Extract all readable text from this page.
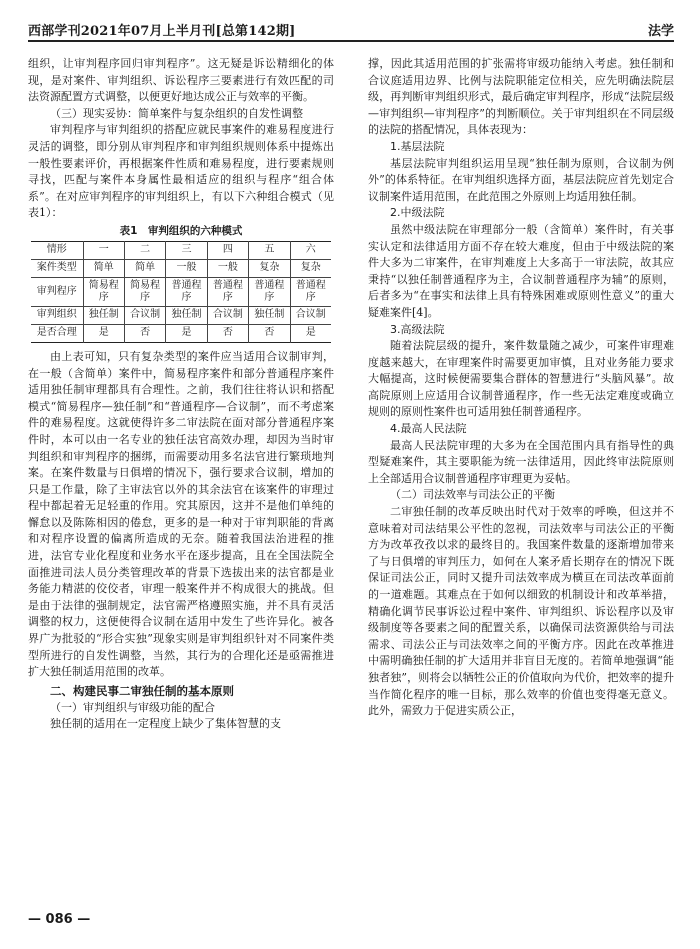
西部学刊2021年07月上半月刊[总第142期]	法学

组织，让审判程序回归审判程序”。这无疑是诉讼精细化的体现，是对案件、审判组织、诉讼程序三要素进行有效匹配的司法资源配置方式调整，以便更好地达成公正与效率的平衡。

（三）现实妥协：简单案件与复杂组织的自发性调整

审判程序与审判组织的搭配应就民事案件的难易程度进行灵活的调整，即分别从审判程序和审判组织规则体系中提炼出一般性要素评价，再根据案件性质和难易程度，进行要素规则寻找，匹配与案件本身属性最相适应的组织与程序“组合体系”。在对应审判程序的审判组织上，有以下六种组合模式（见表1）：

表1　审判组织的六种模式
情形	一	二	三	四	五	六
案件类型	简单	简单	一般	一般	复杂	复杂
审判程序	简易程序	简易程序	普通程序	普通程序	普通程序	普通程序
审判组织	独任制	合议制	独任制	合议制	独任制	合议制
是否合理	是	否	是	否	否	是

由上表可知，只有复杂类型的案件应当适用合议制审判，在一般（含简单）案件中，简易程序案件和部分普通程序案件适用独任制审理都具有合理性。之前，我们往往将认识和搭配模式“简易程序—独任制”和“普通程序—合议制”，而不考虑案件的难易程度。这就使得许多二审法院在面对部分普通程序案件时，本可以由一名专业的独任法官高效办理，却因为当时审判组织和审判程序的捆绑，而需要动用多名法官进行繁琐地判案。在案件数量与日俱增的情况下，强行要求合议制，增加的只是工作量，除了主审法官以外的其余法官在该案件的审理过程中都起着无足轻重的作用。究其原因，这并不是他们单纯的懈怠以及陈陈相因的倦怠，更多的是一种对于审判职能的背离和对程序设置的偏离所造成的无奈。随着我国法治进程的推进，法官专业化程度和业务水平在逐步提高，且在全国法院全面推进司法人员分类管理改革的背景下选拔出来的法官都是业务能力精湛的佼佼者，审理一般案件并不构成很大的挑战。但是由于法律的强制规定，法官需严格遵照实施，并不具有灵活调整的权力，这便使得合议制在适用中发生了些许异化。被各界广为批驳的“形合实独”现象实则是审判组织针对不同案件类型所进行的自发性调整，当然，其行为的合理化还是亟需推进扩大独任制适用范围的改革。

二、构建民事二审独任制的基本原则
（一）审判组织与审级功能的配合

独任制的适用在一定程度上缺少了集体智慧的支

撑，因此其适用范围的扩张需将审级功能纳入考虑。独任制和合议庭适用边界、比例与法院职能定位相关，应先明确法院层级，再判断审判组织形式，最后确定审判程序，形成“法院层级—审判组织—审判程序”的判断顺位。关于审判组织在不同层级的法院的搭配情况，具体表现为：

1.基层法院

基层法院审判组织运用呈现“独任制为原则，合议制为例外”的体系特征。在审判组织选择方面，基层法院应首先划定合议制案件适用范围，在此范围之外原则上均适用独任制。

2.中级法院

虽然中级法院在审理部分一般（含简单）案件时，有关事实认定和法律适用方面不存在较大难度，但由于中级法院的案件大多为二审案件，在审判难度上大多高于一审法院，故其应秉持“以独任制普通程序为主，合议制普通程序为辅”的原则，后者多为“在事实和法律上具有特殊困难或原则性意义”的重大疑难案件[4]。

3.高级法院

随着法院层级的提升，案件数量随之减少，可案件审理难度越来越大，在审理案件时需要更加审慎，且对业务能力要求大幅提高，这时候便需要集合群体的智慧进行“头脑风暴”。故高院原则上应适用合议制普通程序，作一些无法定难度或确立规则的原则性案件也可适用独任制普通程序。

4.最高人民法院

最高人民法院审理的大多为在全国范围内具有指导性的典型疑难案件，其主要职能为统一法律适用，因此终审法院原则上全部适用合议制普通程序审理更为妥帖。

（二）司法效率与司法公正的平衡

二审独任制的改革反映出时代对于效率的呼唤，但这并不意味着对司法结果公平性的忽视，司法效率与司法公正的平衡方为改革孜孜以求的最终目的。我国案件数量的逐渐增加带来了与日俱增的审判压力，如何在人案矛盾长期存在的情况下既保证司法公正，同时又提升司法效率成为横亘在司法改革面前的一道难题。其难点在于如何以细致的机制设计和改革举措，精确化调节民事诉讼过程中案件、审判组织、诉讼程序以及审级制度等各要素之间的配置关系，以确保司法资源供给与司法需求、司法公正与司法效率之间的平衡方序。因此在改革推进中需明确独任制的扩大适用并非盲目无度的。若简单地强调“能独者独”，则将会以牺牲公正的价值取向为代价，把效率的提升当作简化程序的唯一目标，那么效率的价值也变得毫无意义。此外，需致力于促进实质公正，

— 086 —
